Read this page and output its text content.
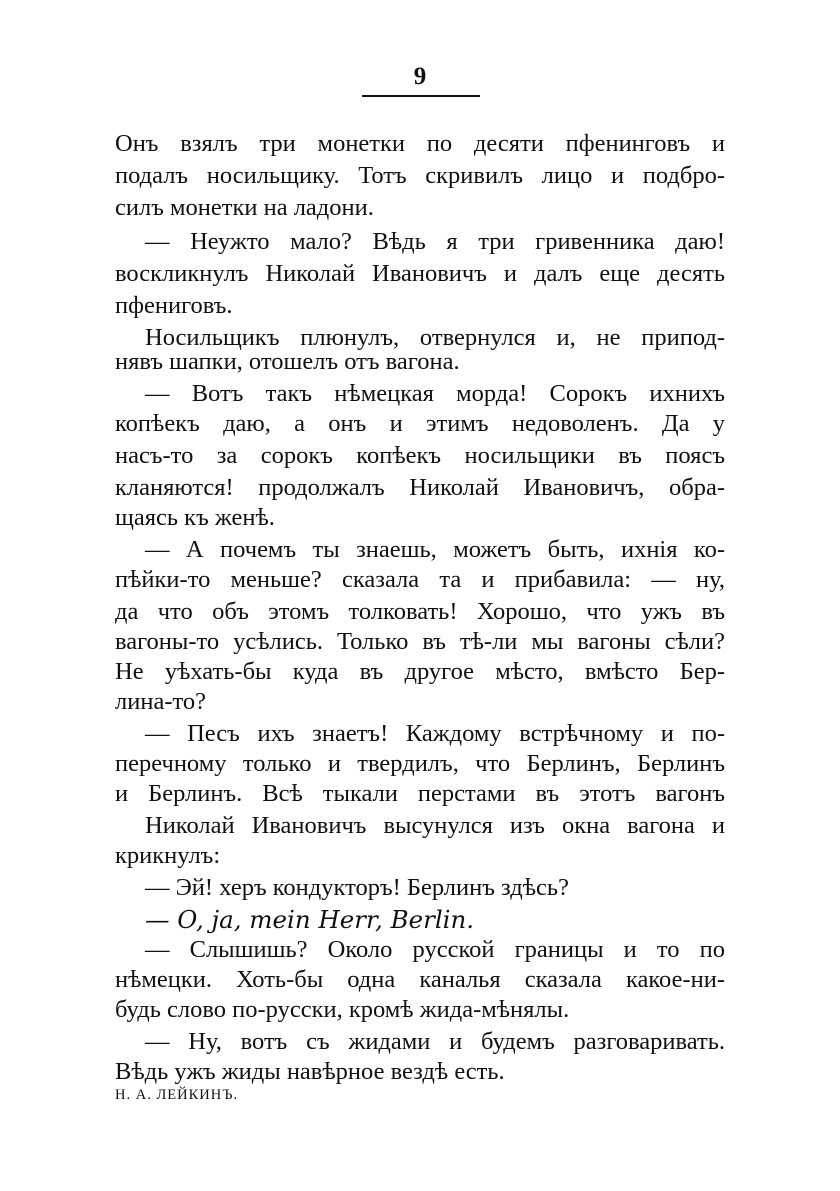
9
Онъ взялъ три монетки по десяти пфенинговъ и
подалъ носильщику. Тотъ скривилъ лицо и подбро-
силъ монетки на ладони.
— Неужто мало? Вѣдь я три гривенника даю!
воскликнулъ Николай Ивановичъ и далъ еще десять
пфениговъ.
Носильщикъ плюнулъ, отвернулся и, не припод-
нявъ шапки, отошелъ отъ вагона.
— Вотъ такъ нѣмецкая морда! Сорокъ ихнихъ
копѣекъ даю, а онъ и этимъ недоволенъ. Да у
насъ-то за сорокъ копѣекъ носильщики въ поясъ
кланяются! продолжалъ Николай Ивановичъ, обра-
щаясь къ женѣ.
— А почемъ ты знаешь, можетъ быть, ихнія ко-
пѣйки-то меньше? сказала та и прибавила: — ну,
да что объ этомъ толковать! Хорошо, что ужъ въ
вагоны-то усѣлись. Только въ тѣ-ли мы вагоны сѣли?
Не уѣхать-бы куда въ другое мѣсто, вмѣсто Бер-
лина-то?
— Песъ ихъ знаетъ! Каждому встрѣчному и по-
перечному только и твердилъ, что Берлинъ, Берлинъ
и Берлинъ. Всѣ тыкали перстами въ этотъ вагонъ
Николай Ивановичъ высунулся изъ окна вагона и
крикнулъ:
— Эй! херъ кондукторъ! Берлинъ здѣсь?
— O, ja, mein Herr, Berlin.
— Слышишь? Около русской границы и то по
нѣмецки. Хоть-бы одна каналья сказала какое-ни-
будь слово по-русски, кромѣ жида-мѣнялы.
— Ну, вотъ съ жидами и будемъ разговаривать.
Вѣдь ужъ жиды навѣрное вездѣ есть.
Н. А. ЛЕЙКИНЪ.
